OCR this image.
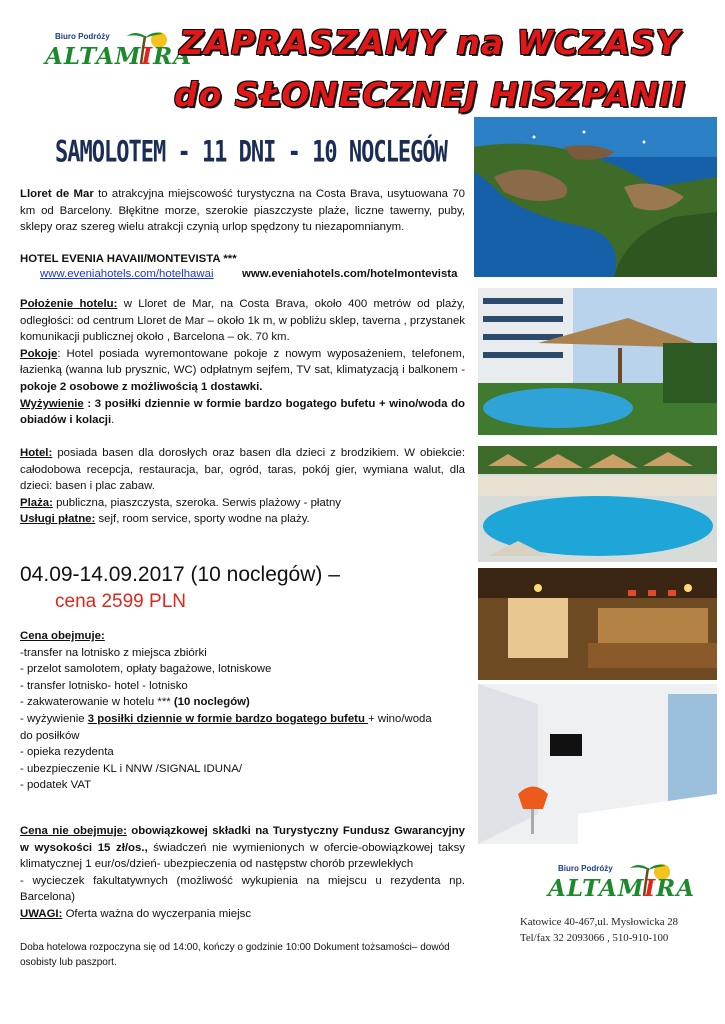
Biuro Podróży
ALTAMIRA
ZAPRASZAMY na WCZASY
do SŁONECZNEJ HISZPANII
SAMOLOTEM - 11 DNI - 10 NOCLEGÓW
Lloret de Mar to atrakcyjna miejscowość turystyczna na Costa Brava, usytuowana 70 km od Barcelony. Błękitne morze, szerokie piaszczyste plaże, liczne tawerny, puby, sklepy oraz szereg wielu atrakcji czynią urlop spędzony tu niezapomnianym.
HOTEL EVENIA HAVAII/MONTEVISTA ***
www.eveniahotels.com/hotelhawai	www.eveniahotels.com/hotelmontevista
Położenie hotelu: w Lloret de Mar, na Costa Brava, około 400 metrów od plaży, odległości: od centrum Lloret de Mar – około 1k m, w pobliżu sklep, taverna , przystanek komunikacji publicznej około , Barcelona – ok. 70 km.
Pokoje: Hotel posiada wyremontowane pokoje z nowym wyposażeniem, telefonem, łazienką (wanna lub prysznic, WC) odpłatnym sejfem, TV sat, klimatyzacją i balkonem - pokoje 2 osobowe z możliwością 1 dostawki.
Wyżywienie : 3 posiłki dziennie w formie bardzo bogatego bufetu + wino/woda do obiadów i kolacji.
Hotel: posiada basen dla dorosłych oraz basen dla dzieci z brodzikiem. W obiekcie: całodobowa recepcja, restauracja, bar, ogród, taras, pokój gier, wymiana walut, dla dzieci: basen i plac zabaw.
Plaża: publiczna, piaszczysta, szeroka. Serwis plażowy - płatny
Usługi płatne: sejf, room service, sporty wodne na plaży.
04.09-14.09.2017 (10 noclegów) –
cena 2599 PLN
Cena obejmuje:
-transfer na lotnisko z miejsca zbiórki
- przelot samolotem, opłaty bagażowe, lotniskowe
- transfer lotnisko- hotel - lotnisko
- zakwaterowanie w hotelu *** (10 noclegów)
- wyżywienie 3 posiłki dziennie w formie bardzo bogatego bufetu + wino/woda
do posiłków
- opieka rezydenta
- ubezpieczenie KL i NNW /SIGNAL IDUNA/
- podatek VAT
Cena nie obejmuje: obowiązkowej składki na Turystyczny Fundusz Gwarancyjny w wysokości 15 zł/os., świadczeń nie wymienionych w ofercie-obowiązkowej taksy klimatycznej 1 eur/os/dzień- ubezpieczenia od następstw chorób przewlekłych
- wycieczek fakultatywnych (możliwość wykupienia na miejscu u rezydenta np. Barcelona)
UWAGI: Oferta ważna do wyczerpania miejsc
Doba hotelowa rozpoczyna się od 14:00, kończy o godzinie 10:00 Dokument tożsamości– dowód osobisty lub paszport.
Biuro Podróży
ALTAMIRA
Katowice 40-467,ul. Mysłowicka 28
Tel/fax 32 2093066 , 510-910-100
